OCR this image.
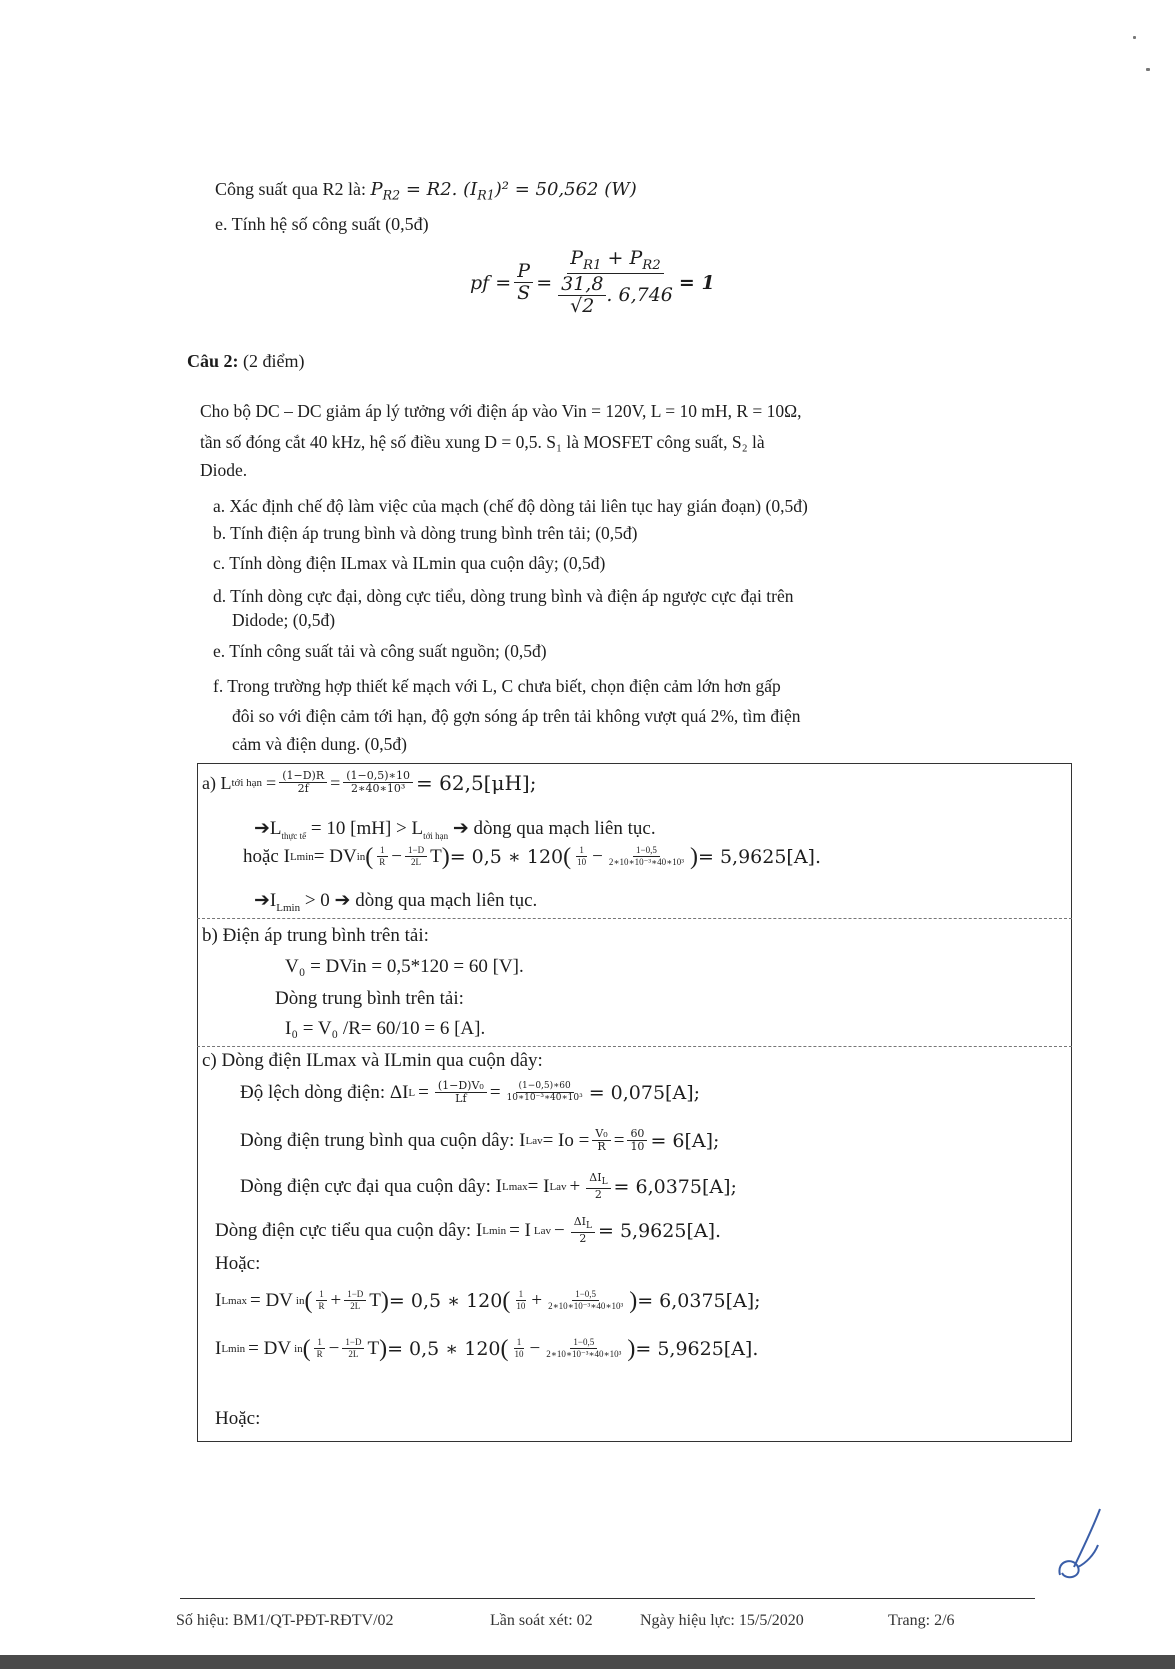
Công suất qua R2 là: $P_{R2} = R2$. $(I_{R1})^2 = 50,562$ (W)
e. Tính hệ số công suất (0,5đ)
pf = $\frac{P}{S} = \frac{P_{R1} + P_{R2}}{\frac{31,8}{√2} . 6,746} = 1$
Câu 2: (2 điểm)
Cho bộ DC – DC giảm áp lý tưởng với điện áp vào Vin = 120V, L = 10 mH, R = 10Ω,
tần số đóng cắt 40 kHz, hệ số điều xung D = 0,5. S₁ là MOSFET công suất, S₂ là
Diode.
a. Xác định chế độ làm việc của mạch (chế độ dòng tải liên tục hay gián đoạn) (0,5đ)
b. Tính điện áp trung bình và dòng trung bình trên tải; (0,5đ)
c. Tính dòng điện ILmax và ILmin qua cuộn dây; (0,5đ)
d. Tính dòng cực đại, dòng cực tiểu, dòng trung bình và điện áp ngược cực đại trên
Didode; (0,5đ)
e. Tính công suất tải và công suất nguồn; (0,5đ)
f. Trong trường hợp thiết kế mạch với L, C chưa biết, chọn điện cảm lớn hơn gấp
đôi so với điện cảm tới hạn, độ gợn sóng áp trên tải không vượt quá 2%, tìm điện
cảm và điện dung. (0,5đ)
a) L tới hạn = $\frac{(1-D)R}{2f} = \frac{(1-0,5)∗10}{\text{2∗40∗10³}} = 62,5[\mu H]$;
$➔L_{thực tế} = 10$ $[mH] > L_{tới hạn}$ ➔ dòng qua mạch liên tục.
hoặc I Lmin = DV in ( $\frac{1}{R} - \frac{1-D}{2L}$ T ) = 0,5 ∗ 120 ( $\frac{1}{10} - \frac{1-0,5}{\text{2∗10∗10⁻³∗40∗10³}}$ ) = 5,9625[A].
$➔I_{Lmin} > 0$ ➔ dòng qua mạch liên tục.
b) Điện áp trung bình trên tải:
V₀ = DVin = 0,5*120 = 60 [V].
Dòng trung bình trên tải:
I₀ = V₀ /R= 60/10 = 6 [A].
c) Dòng điện ILmax và ILmin qua cuộn dây:
Độ lệch dòng điện: ΔI $L = \frac{\text{(1−D)V₀}}{Lf} = \frac{(1-0,5)∗60}{\text{10∗10⁻³∗40∗10³}} = 0,075[A]$;
Dòng điện trung bình qua cuộn dây: I Lav = $Io = \frac{\text{V₀}}{R} = \frac{60}{10} = 6[A]$;
Dòng điện cực đại qua cuộn dây: I Lmax = I Lav + $\frac{\Delta I_L}{2} = 6,0375[A]$;
Dòng điện cực tiểu qua cuộn dây: I Lmin = I Lav − $\frac{\Delta I_L}{2} = 5,9625[A]$.
Hoặc:
I Lmax = DV in ( $\frac{1}{R} + \frac{1-D}{2L}$ T ) = 0,5 ∗ 120 ( $\frac{1}{10} + \frac{1-0,5}{\text{2∗10∗10⁻³∗40∗10³}}$ ) = 6,0375[A];
I Lmin = DV in ( $\frac{1}{R} - \frac{1-D}{2L}$ T ) = 0,5 ∗ 120 ( $\frac{1}{10} - \frac{1-0,5}{\text{2∗10∗10⁻³∗40∗10³}}$ ) = 5,9625[A].
Hoặc:
Số hiệu: BM1/QT-PĐT-RĐTV/02	Lần soát xét: 02	Ngày hiệu lực: 15/5/2020	Trang: 2/6
